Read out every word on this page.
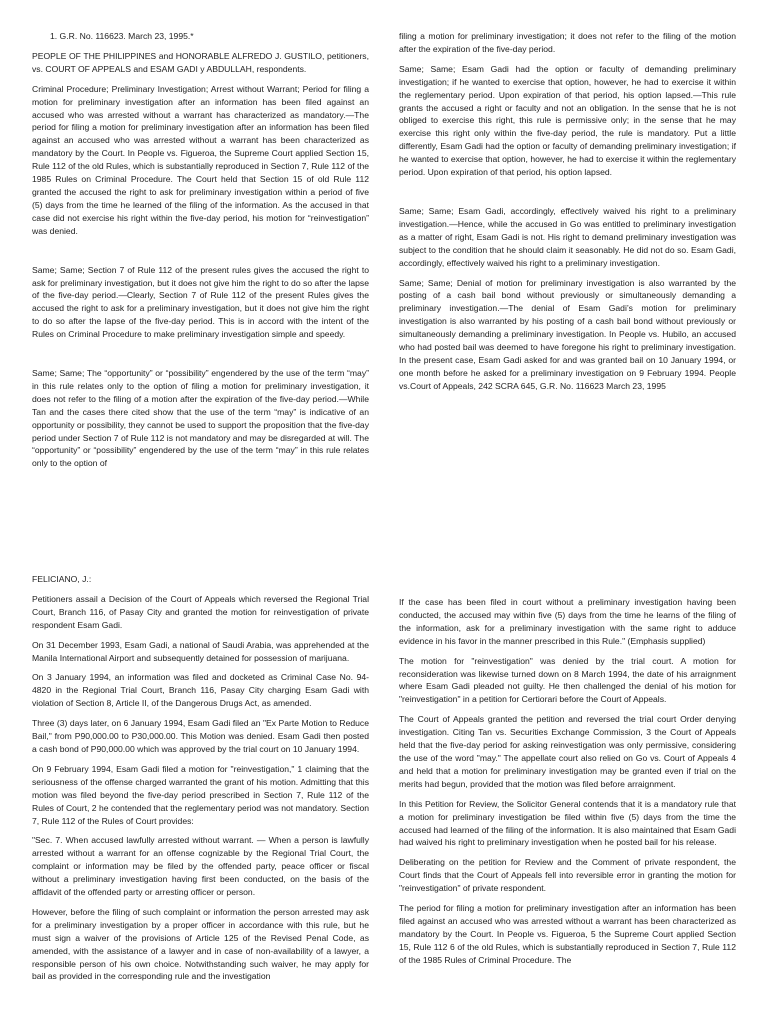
1. G.R. No. 116623. March 23, 1995.*

PEOPLE OF THE PHILIPPINES and HONORABLE ALFREDO J. GUSTILO, petitioners, vs. COURT OF APPEALS and ESAM GADI y ABDULLAH, respondents.

Criminal Procedure; Preliminary Investigation; Arrest without Warrant; Period for filing a motion for preliminary investigation after an information has been filed against an accused who was arrested without a warrant has characterized as mandatory.—The period for filing a motion for preliminary investigation after an information has been filed against an accused who was arrested without a warrant has been characterized as mandatory by the Court. In People vs. Figueroa, the Supreme Court applied Section 15, Rule 112 of the old Rules, which is substantially reproduced in Section 7, Rule 112 of the 1985 Rules on Criminal Procedure. The Court held that Section 15 of old Rule 112 granted the accused the right to ask for preliminary investigation within a period of five (5) days from the time he learned of the filing of the information. As the accused in that case did not exercise his right within the five-day period, his motion for “reinvestigation” was denied.

Same; Same; Section 7 of Rule 112 of the present rules gives the accused the right to ask for preliminary investigation, but it does not give him the right to do so after the lapse of the five-day period.—Clearly, Section 7 of Rule 112 of the present Rules gives the accused the right to ask for a preliminary investigation, but it does not give him the right to do so after the lapse of the five-day period. This is in accord with the intent of the Rules on Criminal Procedure to make preliminary investigation simple and speedy.

Same; Same; The “opportunity” or “possibility” engendered by the use of the term “may” in this rule relates only to the option of filing a motion for preliminary investigation, it does not refer to the filing of a motion after the expiration of the five-day period.—While Tan and the cases there cited show that the use of the term “may” is indicative of an opportunity or possibility, they cannot be used to support the proposition that the five-day period under Section 7 of Rule 112 is not mandatory and may be disregarded at will. The “opportunity” or “possibility” engendered by the use of the term “may” in this rule relates only to the option of

filing a motion for preliminary investigation; it does not refer to the filing of the motion after the expiration of the five-day period.

Same; Same; Esam Gadi had the option or faculty of demanding preliminary investigation; if he wanted to exercise that option, however, he had to exercise it within the reglementary period. Upon expiration of that period, his option lapsed.—This rule grants the accused a right or faculty and not an obligation. In the sense that he is not obliged to exercise this right, this rule is permissive only; in the sense that he may exercise this right only within the five-day period, the rule is mandatory. Put a little differently, Esam Gadi had the option or faculty of demanding preliminary investigation; if he wanted to exercise that option, however, he had to exercise it within the reglementary period. Upon expiration of that period, his option lapsed.

Same; Same; Esam Gadi, accordingly, effectively waived his right to a preliminary investigation.—Hence, while the accused in Go was entitled to preliminary investigation as a matter of right, Esam Gadi is not. His right to demand preliminary investigation was subject to the condition that he should claim it seasonably. He did not do so. Esam Gadi, accordingly, effectively waived his right to a preliminary investigation.

Same; Same; Denial of motion for preliminary investigation is also warranted by the posting of a cash bail bond without previously or simultaneously demanding a preliminary investigation.—The denial of Esam Gadi’s motion for preliminary investigation is also warranted by his posting of a cash bail bond without previously or simultaneously demanding a preliminary investigation. In People vs. Hubilo, an accused who had posted bail was deemed to have foregone his right to preliminary investigation. In the present case, Esam Gadi asked for and was granted bail on 10 January 1994, or one month before he asked for a preliminary investigation on 9 February 1994. People vs.Court of Appeals, 242 SCRA 645, G.R. No. 116623 March 23, 1995

FELICIANO, J.:

Petitioners assail a Decision of the Court of Appeals which reversed the Regional Trial Court, Branch 116, of Pasay City and granted the motion for reinvestigation of private respondent Esam Gadi.

On 31 December 1993, Esam Gadi, a national of Saudi Arabia, was apprehended at the Manila International Airport and subsequently detained for possession of marijuana.

On 3 January 1994, an information was filed and docketed as Criminal Case No. 94-4820 in the Regional Trial Court, Branch 116, Pasay City charging Esam Gadi with violation of Section 8, Article II, of the Dangerous Drugs Act, as amended.

Three (3) days later, on 6 January 1994, Esam Gadi filed an "Ex Parte Motion to Reduce Bail," from P90,000.00 to P30,000.00. This Motion was denied. Esam Gadi then posted a cash bond of P90,000.00 which was approved by the trial court on 10 January 1994.

On 9 February 1994, Esam Gadi filed a motion for "reinvestigation," 1 claiming that the seriousness of the offense charged warranted the grant of his motion. Admitting that this motion was filed beyond the five-day period prescribed in Section 7, Rule 112 of the Rules of Court, 2 he contended that the reglementary period was not mandatory. Section 7, Rule 112 of the Rules of Court provides:

"Sec. 7. When accused lawfully arrested without warrant. — When a person is lawfully arrested without a warrant for an offense cognizable by the Regional Trial Court, the complaint or information may be filed by the offended party, peace officer or fiscal without a preliminary investigation having first been conducted, on the basis of the affidavit of the offended party or arresting officer or person.

However, before the filing of such complaint or information the person arrested may ask for a preliminary investigation by a proper officer in accordance with this rule, but he must sign a waiver of the provisions of Article 125 of the Revised Penal Code, as amended, with the assistance of a lawyer and in case of non-availability of a lawyer, a responsible person of his own choice. Notwithstanding such waiver, he may apply for bail as provided in the corresponding rule and the investigation

If the case has been filed in court without a preliminary investigation having been conducted, the accused may within five (5) days from the time he learns of the filing of the information, ask for a preliminary investigation with the same right to adduce evidence in his favor in the manner prescribed in this Rule." (Emphasis supplied)

The motion for "reinvestigation" was denied by the trial court. A motion for reconsideration was likewise turned down on 8 March 1994, the date of his arraignment where Esam Gadi pleaded not guilty. He then challenged the denial of his motion for "reinvestigation" in a petition for Certiorari before the Court of Appeals.

The Court of Appeals granted the petition and reversed the trial court Order denying investigation. Citing Tan vs. Securities Exchange Commission, 3 the Court of Appeals held that the five-day period for asking reinvestigation was only permissive, considering the use of the word "may." The appellate court also relied on Go vs. Court of Appeals 4 and held that a motion for preliminary investigation may be granted even if trial on the merits had begun, provided that the motion was filed before arraignment.

In this Petition for Review, the Solicitor General contends that it is a mandatory rule that a motion for preliminary investigation be filed within five (5) days from the time the accused had learned of the filing of the information. It is also maintained that Esam Gadi had waived his right to preliminary investigation when he posted bail for his release.

Deliberating on the petition for Review and the Comment of private respondent, the Court finds that the Court of Appeals fell into reversible error in granting the motion for "reinvestigation" of private respondent.

The period for filing a motion for preliminary investigation after an information has been filed against an accused who was arrested without a warrant has been characterized as mandatory by the Court. In People vs. Figueroa, 5 the Supreme Court applied Section 15, Rule 112 6 of the old Rules, which is substantially reproduced in Section 7, Rule 112 of the 1985 Rules of Criminal Procedure. The
